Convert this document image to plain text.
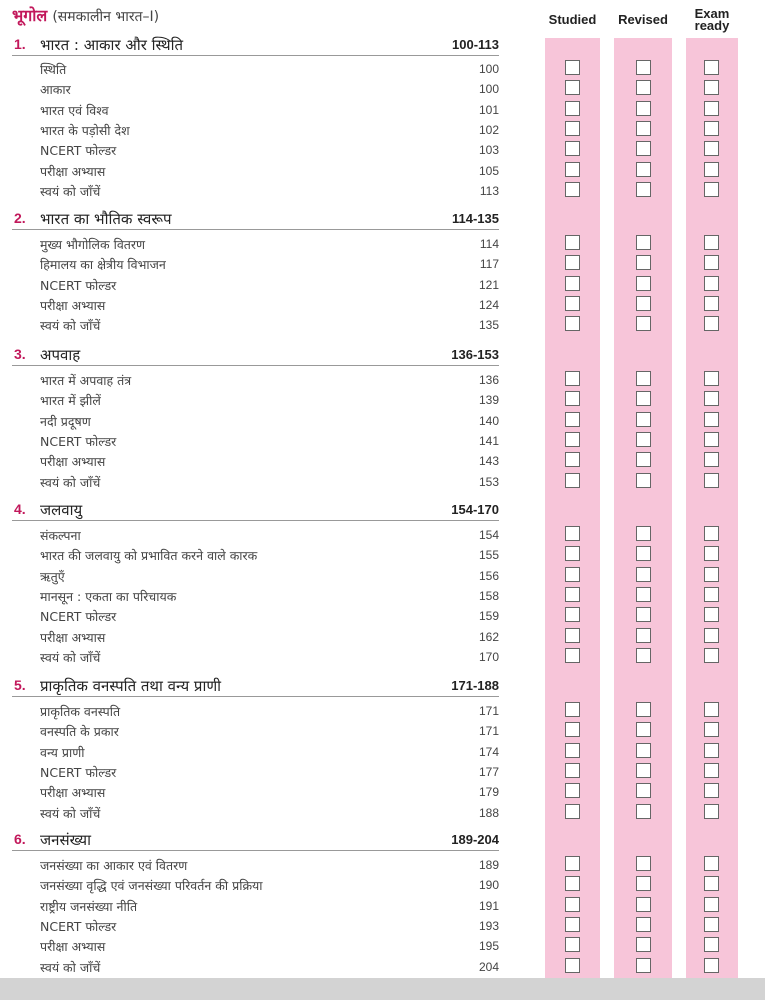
भूगोल (समकालीन भारत–I)	Studied	Revised	Exam ready
1. भारत : आकार और स्थिति	100-113
स्थिति	100
आकार	100
भारत एवं विश्व	101
भारत के पड़ोसी देश	102
NCERT फोल्डर	103
परीक्षा अभ्यास	105
स्वयं को जाँचें	113
2. भारत का भौतिक स्वरूप	114-135
मुख्य भौगोलिक वितरण	114
हिमालय का क्षेत्रीय विभाजन	117
NCERT फोल्डर	121
परीक्षा अभ्यास	124
स्वयं को जाँचें	135
3. अपवाह	136-153
भारत में अपवाह तंत्र	136
भारत में झीलें	139
नदी प्रदूषण	140
NCERT फोल्डर	141
परीक्षा अभ्यास	143
स्वयं को जाँचें	153
4. जलवायु	154-170
संकल्पना	154
भारत की जलवायु को प्रभावित करने वाले कारक	155
ऋतुएँ	156
मानसून : एकता का परिचायक	158
NCERT फोल्डर	159
परीक्षा अभ्यास	162
स्वयं को जाँचें	170
5. प्राकृतिक वनस्पति तथा वन्य प्राणी	171-188
प्राकृतिक वनस्पति	171
वनस्पति के प्रकार	171
वन्य प्राणी	174
NCERT फोल्डर	177
परीक्षा अभ्यास	179
स्वयं को जाँचें	188
6. जनसंख्या	189-204
जनसंख्या का आकार एवं वितरण	189
जनसंख्या वृद्धि एवं जनसंख्या परिवर्तन की प्रक्रिया	190
राष्ट्रीय जनसंख्या नीति	191
NCERT फोल्डर	193
परीक्षा अभ्यास	195
स्वयं को जाँचें	204
